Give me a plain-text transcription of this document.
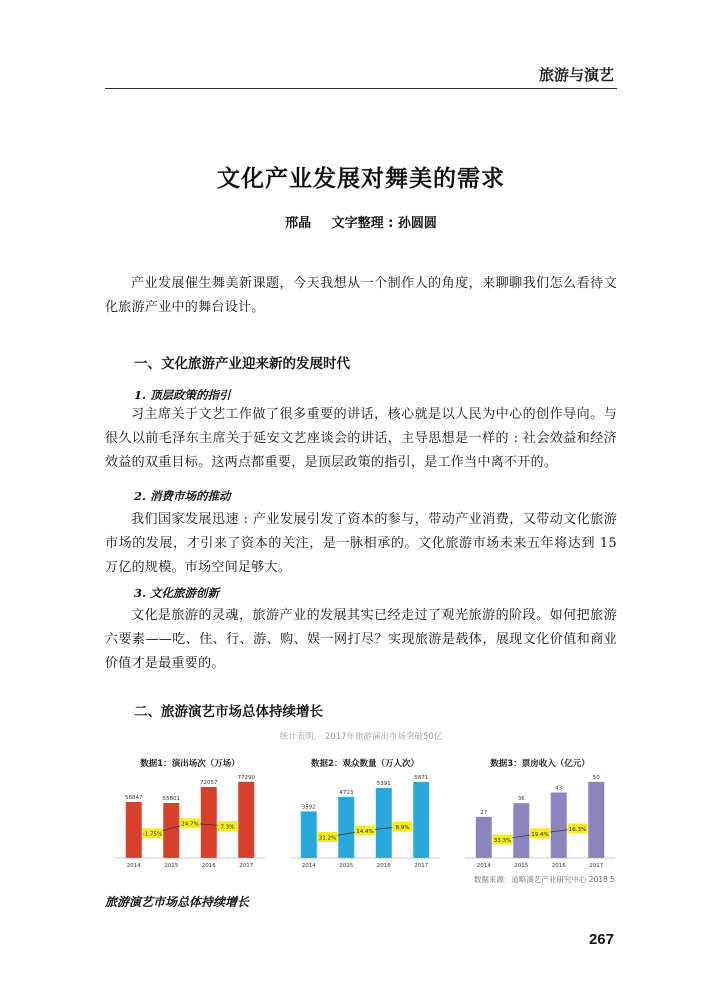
旅游与演艺
文化产业发展对舞美的需求
邢晶 文字整理 : 孙圆圆

产业发展催生舞美新课题，今天我想从一个制作人的角度，来聊聊我们怎么看待文化旅游产业中的舞台设计。

一、文化旅游产业迎来新的发展时代
1. 顶层政策的指引

习主席关于文艺工作做了很多重要的讲话，核心就是以人民为中心的创作导向。与很久以前毛泽东主席关于延安文艺座谈会的讲话，主导思想是一样的 : 社会效益和经济效益的双重目标。这两点都重要，是顶层政策的指引，是工作当中离不开的。

2. 消费市场的推动

我们国家发展迅速 : 产业发展引发了资本的参与，带动产业消费，又带动文化旅游市场的发展，才引来了资本的关注，是一脉相承的。文化旅游市场未来五年将达到 15 万亿的规模。市场空间足够大。

3. 文化旅游创新

文化是旅游的灵魂，旅游产业的发展其实已经走过了观光旅游的阶段。如何把旅游六要素——吃、住、行、游、购、娱一网打尽？实现旅游是载体，展现文化价值和商业价值才是最重要的。

二、旅游演艺市场总体持续增长
统计表明， 2017年旅游演出市场突破50亿
数据1：演出场次（万场）
56847
2014
55801
2015
72057
2016
77290
2017
-1.75%
24.7%	7.3%
数据2：观众数量（万人次）
3592
2014
4713
2015
5391
2016
5871
2017
31.2%
14.4%
8.9%
数据3：票房收入（亿元）
27
2014
36
2015
43
2016
50
2017
33.3%
19.4%
16.3%
数据来源：道略演艺产业研究中心 2018.5
旅游演艺市场总体持续增长
267
